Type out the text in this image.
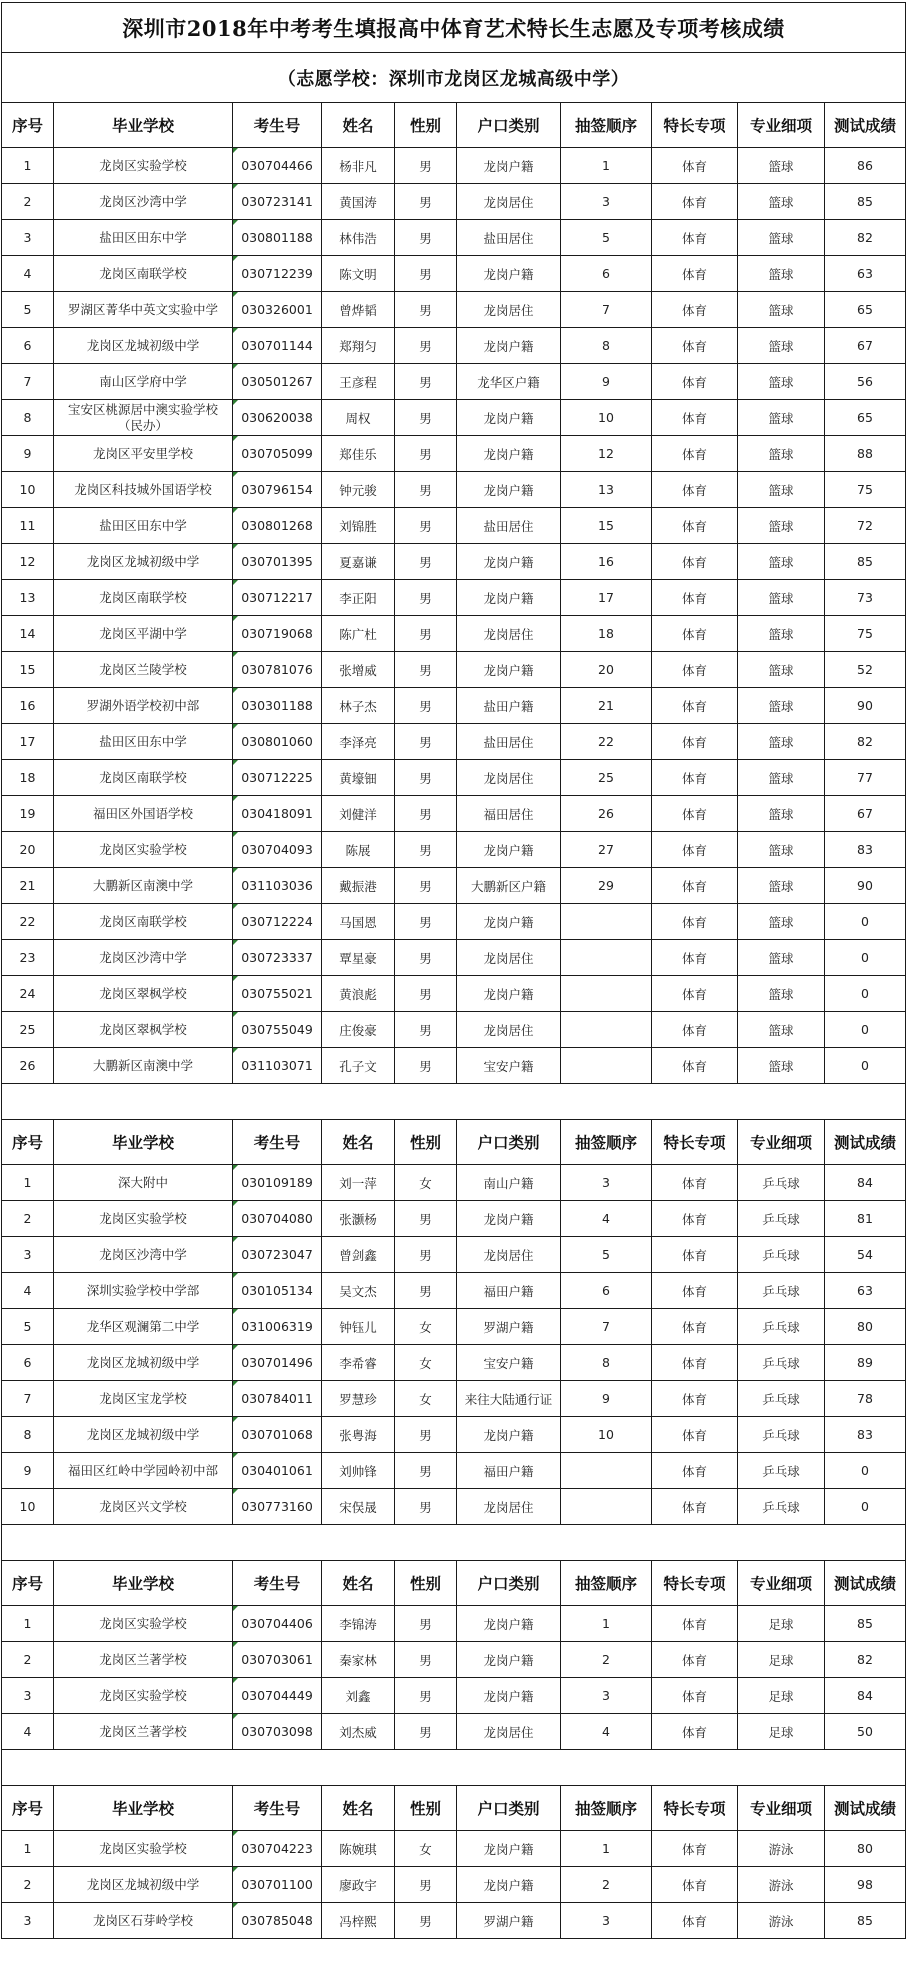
深圳市2018年中考考生填报高中体育艺术特长生志愿及专项考核成绩									
（志愿学校：深圳市龙岗区龙城高级中学）									
序号	毕业学校	考生号	姓名	性别	户口类别	抽签顺序	特长专项	专业细项	测试成绩
1	龙岗区实验学校	030704466	杨非凡	男	龙岗户籍	1	体育	篮球	86
2	龙岗区沙湾中学	030723141	黄国涛	男	龙岗居住	3	体育	篮球	85
3	盐田区田东中学	030801188	林伟浩	男	盐田居住	5	体育	篮球	82
4	龙岗区南联学校	030712239	陈文明	男	龙岗户籍	6	体育	篮球	63
5	罗湖区菁华中英文实验中学	030326001	曾烨韬	男	龙岗居住	7	体育	篮球	65
6	龙岗区龙城初级中学	030701144	郑翔匀	男	龙岗户籍	8	体育	篮球	67
7	南山区学府中学	030501267	王彦程	男	龙华区户籍	9	体育	篮球	56
8	宝安区桃源居中澳实验学校（民办）	030620038	周权	男	龙岗户籍	10	体育	篮球	65
9	龙岗区平安里学校	030705099	郑佳乐	男	龙岗户籍	12	体育	篮球	88
10	龙岗区科技城外国语学校	030796154	钟元骏	男	龙岗户籍	13	体育	篮球	75
11	盐田区田东中学	030801268	刘锦胜	男	盐田居住	15	体育	篮球	72
12	龙岗区龙城初级中学	030701395	夏嘉谦	男	龙岗户籍	16	体育	篮球	85
13	龙岗区南联学校	030712217	李正阳	男	龙岗户籍	17	体育	篮球	73
14	龙岗区平湖中学	030719068	陈广杜	男	龙岗居住	18	体育	篮球	75
15	龙岗区兰陵学校	030781076	张增威	男	龙岗户籍	20	体育	篮球	52
16	罗湖外语学校初中部	030301188	林子杰	男	盐田户籍	21	体育	篮球	90
17	盐田区田东中学	030801060	李泽亮	男	盐田居住	22	体育	篮球	82
18	龙岗区南联学校	030712225	黄壕钿	男	龙岗居住	25	体育	篮球	77
19	福田区外国语学校	030418091	刘健洋	男	福田居住	26	体育	篮球	67
20	龙岗区实验学校	030704093	陈展	男	龙岗户籍	27	体育	篮球	83
21	大鹏新区南澳中学	031103036	戴振港	男	大鹏新区户籍	29	体育	篮球	90
22	龙岗区南联学校	030712224	马国恩	男	龙岗户籍		体育	篮球	0
23	龙岗区沙湾中学	030723337	覃星豪	男	龙岗居住		体育	篮球	0
24	龙岗区翠枫学校	030755021	黄浪彪	男	龙岗户籍		体育	篮球	0
25	龙岗区翠枫学校	030755049	庄俊豪	男	龙岗居住		体育	篮球	0
26	大鹏新区南澳中学	031103071	孔子文	男	宝安户籍		体育	篮球	0

序号	毕业学校	考生号	姓名	性别	户口类别	抽签顺序	特长专项	专业细项	测试成绩
1	深大附中	030109189	刘一萍	女	南山户籍	3	体育	乒乓球	84
2	龙岗区实验学校	030704080	张灏杨	男	龙岗户籍	4	体育	乒乓球	81
3	龙岗区沙湾中学	030723047	曾剑鑫	男	龙岗居住	5	体育	乒乓球	54
4	深圳实验学校中学部	030105134	吴文杰	男	福田户籍	6	体育	乒乓球	63
5	龙华区观澜第二中学	031006319	钟钰儿	女	罗湖户籍	7	体育	乒乓球	80
6	龙岗区龙城初级中学	030701496	李希睿	女	宝安户籍	8	体育	乒乓球	89
7	龙岗区宝龙学校	030784011	罗慧珍	女	来往大陆通行证	9	体育	乒乓球	78
8	龙岗区龙城初级中学	030701068	张粤海	男	龙岗户籍	10	体育	乒乓球	83
9	福田区红岭中学园岭初中部	030401061	刘帅锋	男	福田户籍		体育	乒乓球	0
10	龙岗区兴文学校	030773160	宋俣晟	男	龙岗居住		体育	乒乓球	0

序号	毕业学校	考生号	姓名	性别	户口类别	抽签顺序	特长专项	专业细项	测试成绩
1	龙岗区实验学校	030704406	李锦涛	男	龙岗户籍	1	体育	足球	85
2	龙岗区兰著学校	030703061	秦家林	男	龙岗户籍	2	体育	足球	82
3	龙岗区实验学校	030704449	刘鑫	男	龙岗户籍	3	体育	足球	84
4	龙岗区兰著学校	030703098	刘杰威	男	龙岗居住	4	体育	足球	50

序号	毕业学校	考生号	姓名	性别	户口类别	抽签顺序	特长专项	专业细项	测试成绩
1	龙岗区实验学校	030704223	陈婉琪	女	龙岗户籍	1	体育	游泳	80
2	龙岗区龙城初级中学	030701100	廖政宇	男	龙岗户籍	2	体育	游泳	98
3	龙岗区石芽岭学校	030785048	冯梓熙	男	罗湖户籍	3	体育	游泳	85
